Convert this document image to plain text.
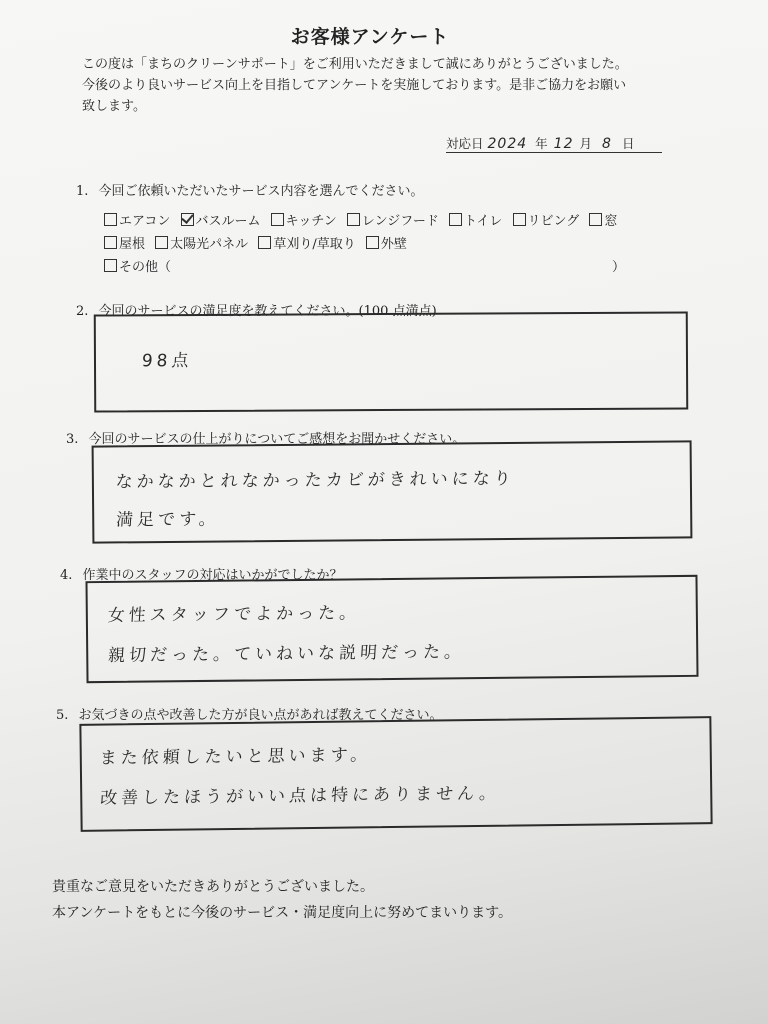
お客様アンケート
この度は「まちのクリーンサポート」をご利用いただきまして誠にありがとうございました。
今後のより良いサービス向上を目指してアンケートを実施しております。是非ご協力をお願い
致します。
対応日 2024 年 12 月 8 日
1. 今回ご依頼いただいたサービス内容を選んでください。
エアコン バスルーム キッチン レンジフード トイレ リビング 窓
屋根 太陽光パネル 草刈り/草取り 外壁
その他（	）
2. 今回のサービスの満足度を教えてください。(100 点満点)
98点
3. 今回のサービスの仕上がりについてご感想をお聞かせください。
なかなかとれなかったカビがきれいになり
満足です。
4. 作業中のスタッフの対応はいかがでしたか？
女性スタッフでよかった。
親切だった。ていねいな説明だった。
5. お気づきの点や改善した方が良い点があれば教えてください。
また依頼したいと思います。
改善したほうがいい点は特にありません。
貴重なご意見をいただきありがとうございました。
本アンケートをもとに今後のサービス・満足度向上に努めてまいります。
